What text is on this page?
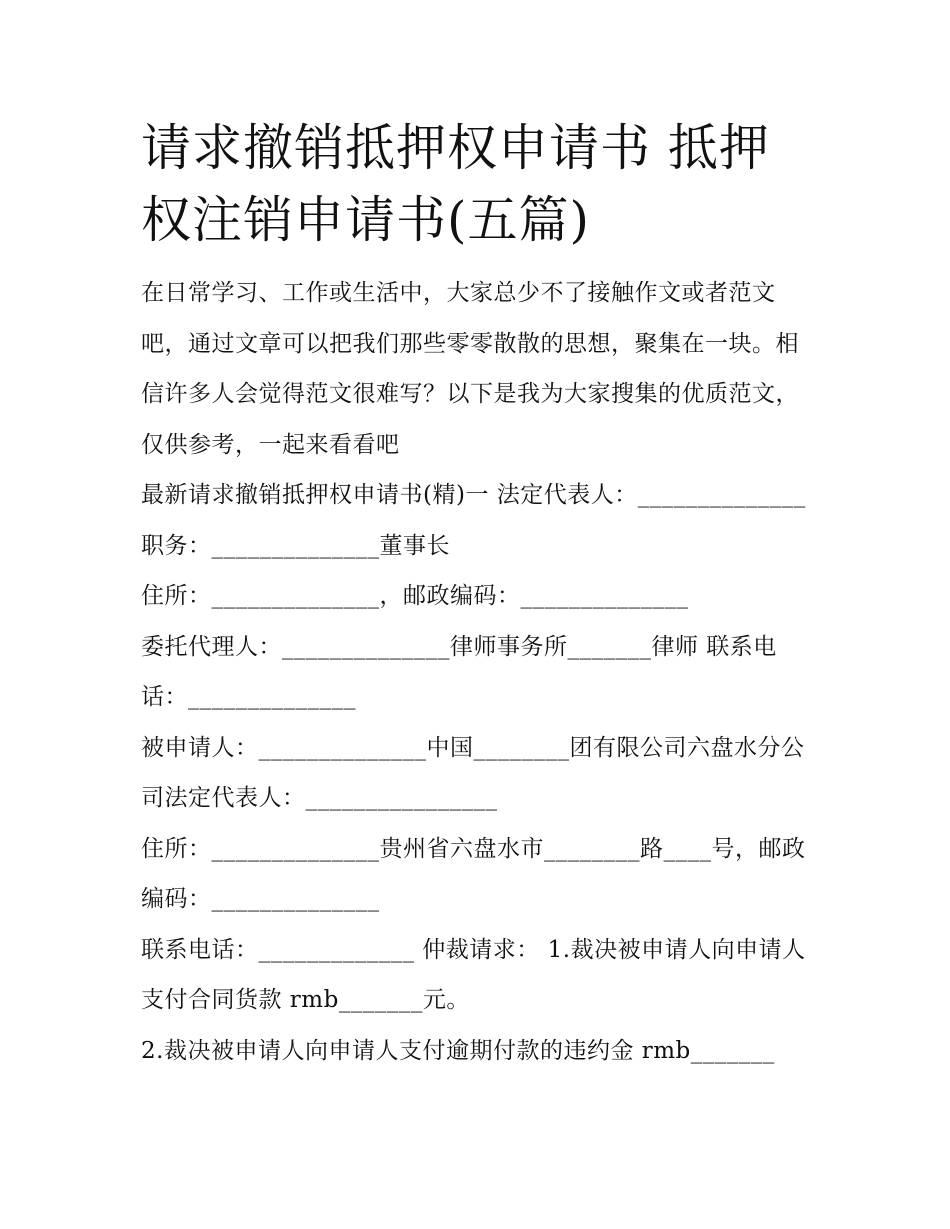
请求撤销抵押权申请书 抵押权注销申请书(五篇)

在日常学习、工作或生活中，大家总少不了接触作文或者范文吧，通过文章可以把我们那些零零散散的思想，聚集在一块。相信许多人会觉得范文很难写？以下是我为大家搜集的优质范文，仅供参考，一起来看看吧

最新请求撤销抵押权申请书(精)一 法定代表人：______________职务：______________董事长

住所：______________，邮政编码：______________

委托代理人：______________律师事务所_______律师 联系电话：______________

被申请人：______________中国________团有限公司六盘水分公司法定代表人：________________

住所：______________贵州省六盘水市________路____号，邮政编码：______________

联系电话：_____________ 仲裁请求： 1.裁决被申请人向申请人支付合同货款 rmb_______元。

2.裁决被申请人向申请人支付逾期付款的违约金 rmb_______
